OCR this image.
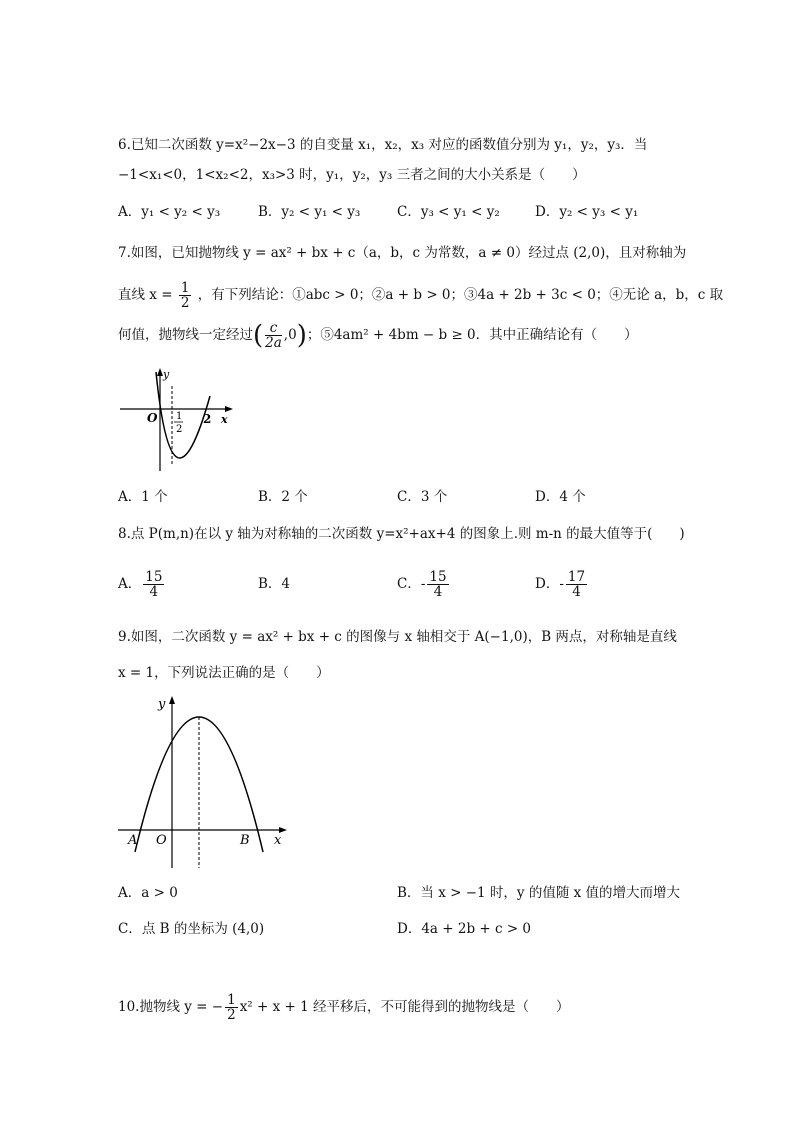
6.已知二次函数 y=x²−2x−3 的自变量 x₁，x₂，x₃ 对应的函数值分别为 y₁，y₂，y₃．当
−1<x₁<0，1<x₂<2，x₃>3 时，y₁，y₂，y₃ 三者之间的大小关系是（　　）
A．y₁ < y₂ < y₃	B．y₂ < y₁ < y₃	C．y₃ < y₁ < y₂	D．y₂ < y₃ < y₁
7.如图，已知抛物线 y = ax² + bx + c（a，b，c 为常数，a ≠ 0）经过点 (2,0)，且对称轴为
直线 $x = \frac{1}{2}$ ，有下列结论：①abc > 0；②a + b > 0；③4a + 2b + 3c < 0；④无论 a，b，c 取
何值，抛物线一定经过( $\frac{c}{2a} ,0$)；⑤4am² + 4bm − b ≥ 0．其中正确结论有（　　）
y
O 1
2
2 x
A．1 个	B．2 个	C．3 个	D．4 个
8.点 P(m,n)在以 y 轴为对称轴的二次函数 y=x²+ax+4 的图象上.则 m-n 的最大值等于(　　)
A． $\frac{15}{4}$	B．4	C．- $\frac{15}{4}$	D．- $\frac{17}{4}$
9.如图，二次函数 y = ax² + bx + c 的图像与 x 轴相交于 A(−1,0)，B 两点，对称轴是直线
x = 1，下列说法正确的是（　　）
y
O
A	B x
A．a > 0	B．当 x > −1 时，y 的值随 x 值的增大而增大
C．点 B 的坐标为 (4,0)	D．4a + 2b + c > 0
10.抛物线 y = − $\frac{1}{2} x^2 + x + 1$ 经平移后，不可能得到的抛物线是（　　）
